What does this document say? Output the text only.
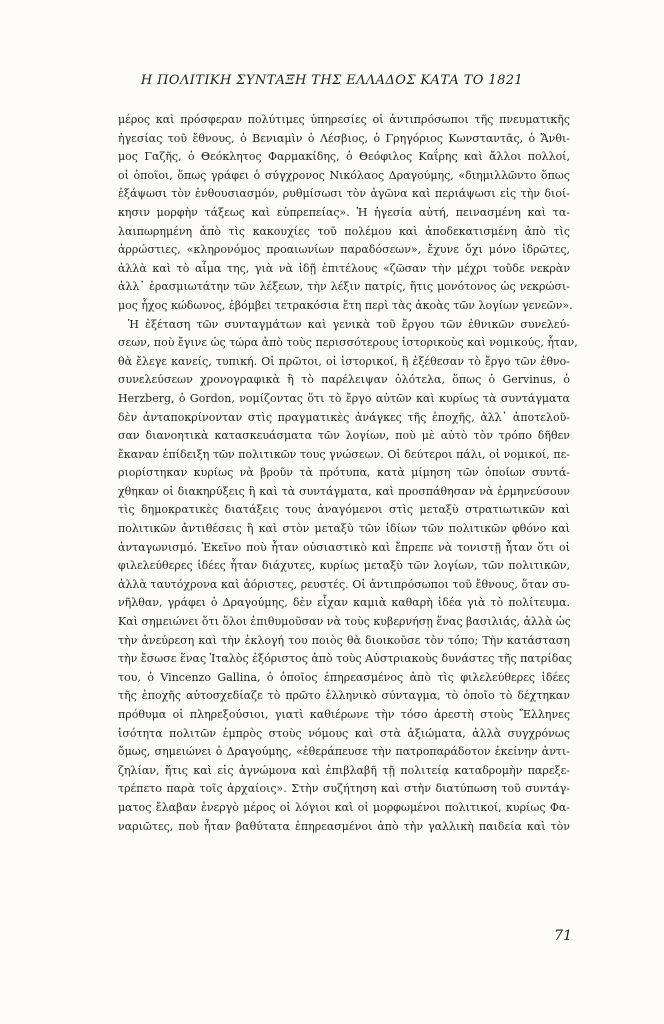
Η ΠΟΛΙΤΙΚΗ ΣΥΝΤΑΞΗ ΤΗΣ ΕΛΛΑΔΟΣ ΚΑΤΑ ΤΟ 1821
μέρος καὶ πρόσφεραν πολύτιμες ὑπηρεσίες οἱ ἀντιπρόσωποι τῆς πνευματικῆς
ἡγεσίας τοῦ ἔθνους, ὁ Βενιαμὶν ὁ Λέσβιος, ὁ Γρηγόριος Κωνσταντᾶς, ὁ Ἄνθι-
μος Γαζῆς, ὁ Θεόκλητος Φαρμακίδης, ὁ Θεόφιλος Καΐρης καὶ ἄλλοι πολλοί,
οἱ ὁποῖοι, ὅπως γράφει ὁ σύγχρονος Νικόλαος Δραγούμης, «διημιλλῶντο ὅπως
ἐξάψωσι τὸν ἐνθουσιασμόν, ρυθμίσωσι τὸν ἀγῶνα καὶ περιάψωσι εἰς τὴν διοί-
κησιν μορφὴν τάξεως καὶ εὐπρεπείας». Ἡ ἡγεσία αὐτή, πεινασμένη καὶ τα-
λαιπωρημένη ἀπὸ τὶς κακουχίες τοῦ πολέμου καὶ ἀποδεκατισμένη ἀπὸ τὶς
ἀρρώστιες, «κληρονόμος προαιωνίων παραδόσεων», ἔχυνε ὄχι μόνο ἱδρῶτες,
ἀλλὰ καὶ τὸ αἷμα της, γιὰ νὰ ἰδῇ ἐπιτέλους «ζῶσαν τὴν μέχρι τοῦδε νεκρὰν
ἀλλ᾽ ἐρασμιωτάτην τῶν λέξεων, τὴν λέξιν πατρίς, ἥτις μονότονος ὡς νεκρώσι-
μος ἦχος κώδωνος, ἐβόμβει τετρακόσια ἔτη περὶ τὰς ἀκοὰς τῶν λογίων γενεῶν».
Ἡ ἐξέταση τῶν συνταγμάτων καὶ γενικὰ τοῦ ἔργου τῶν ἐθνικῶν συνελεύ-
σεων, ποὺ ἔγινε ὡς τώρα ἀπὸ τοὺς περισσότερους ἱστορικοὺς καὶ νομικούς, ἦταν,
θὰ ἔλεγε κανείς, τυπική. Οἱ πρῶτοι, οἱ ἱστορικοί, ἢ ἐξέθεσαν τὸ ἔργο τῶν ἐθνο-
συνελεύσεων χρονογραφικὰ ἢ τὸ παρέλειψαν ὁλότελα, ὅπως ὁ Gervinus, ὁ
Herzberg, ὁ Gordon, νομίζοντας ὅτι τὸ ἔργο αὐτῶν καὶ κυρίως τὰ συντάγματα
δὲν ἀνταποκρίνονταν στὶς πραγματικὲς ἀνάγκες τῆς ἐποχῆς, ἀλλ᾽ ἀποτελοῦ-
σαν διανοητικὰ κατασκευάσματα τῶν λογίων, ποὺ μὲ αὐτὸ τὸν τρόπο δῆθεν
ἔκαναν ἐπίδειξη τῶν πολιτικῶν τους γνώσεων. Οἱ δεύτεροι πάλι, οἱ νομικοί, πε-
ριορίστηκαν κυρίως νὰ βροῦν τὰ πρότυπα, κατὰ μίμηση τῶν ὁποίων συντά-
χθηκαν οἱ διακηρύξεις ἢ καὶ τὰ συντάγματα, καὶ προσπάθησαν νὰ ἑρμηνεύσουν
τὶς δημοκρατικὲς διατάξεις τους ἀναγόμενοι στὶς μεταξὺ στρατιωτικῶν καὶ
πολιτικῶν ἀντιθέσεις ἢ καὶ στὸν μεταξὺ τῶν ἰδίων τῶν πολιτικῶν φθόνο καὶ
ἀνταγωνισμό. Ἐκεῖνο ποὺ ἦταν οὐσιαστικὸ καὶ ἔπρεπε νὰ τονιστῇ ἦταν ὅτι οἱ
φιλελεύθερες ἰδέες ἦταν διάχυτες, κυρίως μεταξὺ τῶν λογίων, τῶν πολιτικῶν,
ἀλλὰ ταυτόχρονα καὶ ἀόριστες, ρευστές. Οἱ ἀντιπρόσωποι τοῦ ἔθνους, ὅταν συ-
νῆλθαν, γράφει ὁ Δραγούμης, δὲν εἶχαν καμιὰ καθαρὴ ἰδέα γιὰ τὸ πολίτευμα.
Καὶ σημειώνει ὅτι ὅλοι ἐπιθυμοῦσαν νὰ τοὺς κυβερνήσῃ ἕνας βασιλιάς, ἀλλὰ ὡς
τὴν ἀνεύρεση καὶ τὴν ἐκλογή του ποιὸς θὰ διοικοῦσε τὸν τόπο; Τὴν κατάσταση
τὴν ἔσωσε ἕνας Ἰταλὸς ἐξόριστος ἀπὸ τοὺς Αὐστριακοὺς δυνάστες τῆς πατρίδας
του, ὁ Vincenzo Gallina, ὁ ὁποῖος ἐπηρεασμένος ἀπὸ τὶς φιλελεύθερες ἰδέες
τῆς ἐποχῆς αὐτοσχεδίαζε τὸ πρῶτο ἑλληνικὸ σύνταγμα, τὸ ὁποῖο τὸ δέχτηκαν
πρόθυμα οἱ πληρεξούσιοι, γιατὶ καθιέρωνε τὴν τόσο ἀρεστὴ στοὺς Ἕλληνες
ἰσότητα πολιτῶν ἐμπρὸς στοὺς νόμους καὶ στὰ ἀξιώματα, ἀλλὰ συγχρόνως
ὅμως, σημειώνει ὁ Δραγούμης, «ἐθεράπευσε τὴν πατροπαράδοτον ἐκείνην ἀντι-
ζηλίαν, ἥτις καὶ εἰς ἀγνώμονα καὶ ἐπιβλαβῆ τῇ πολιτείᾳ καταδρομὴν παρεξε-
τρέπετο παρὰ τοῖς ἀρχαίοις». Στὴν συζήτηση καὶ στὴν διατύπωση τοῦ συντάγ-
ματος ἔλαβαν ἐνεργὸ μέρος οἱ λόγιοι καὶ οἱ μορφωμένοι πολιτικοί, κυρίως Φα-
ναριῶτες, ποὺ ἦταν βαθύτατα ἐπηρεασμένοι ἀπὸ τὴν γαλλικὴ παιδεία καὶ τὸν
71
